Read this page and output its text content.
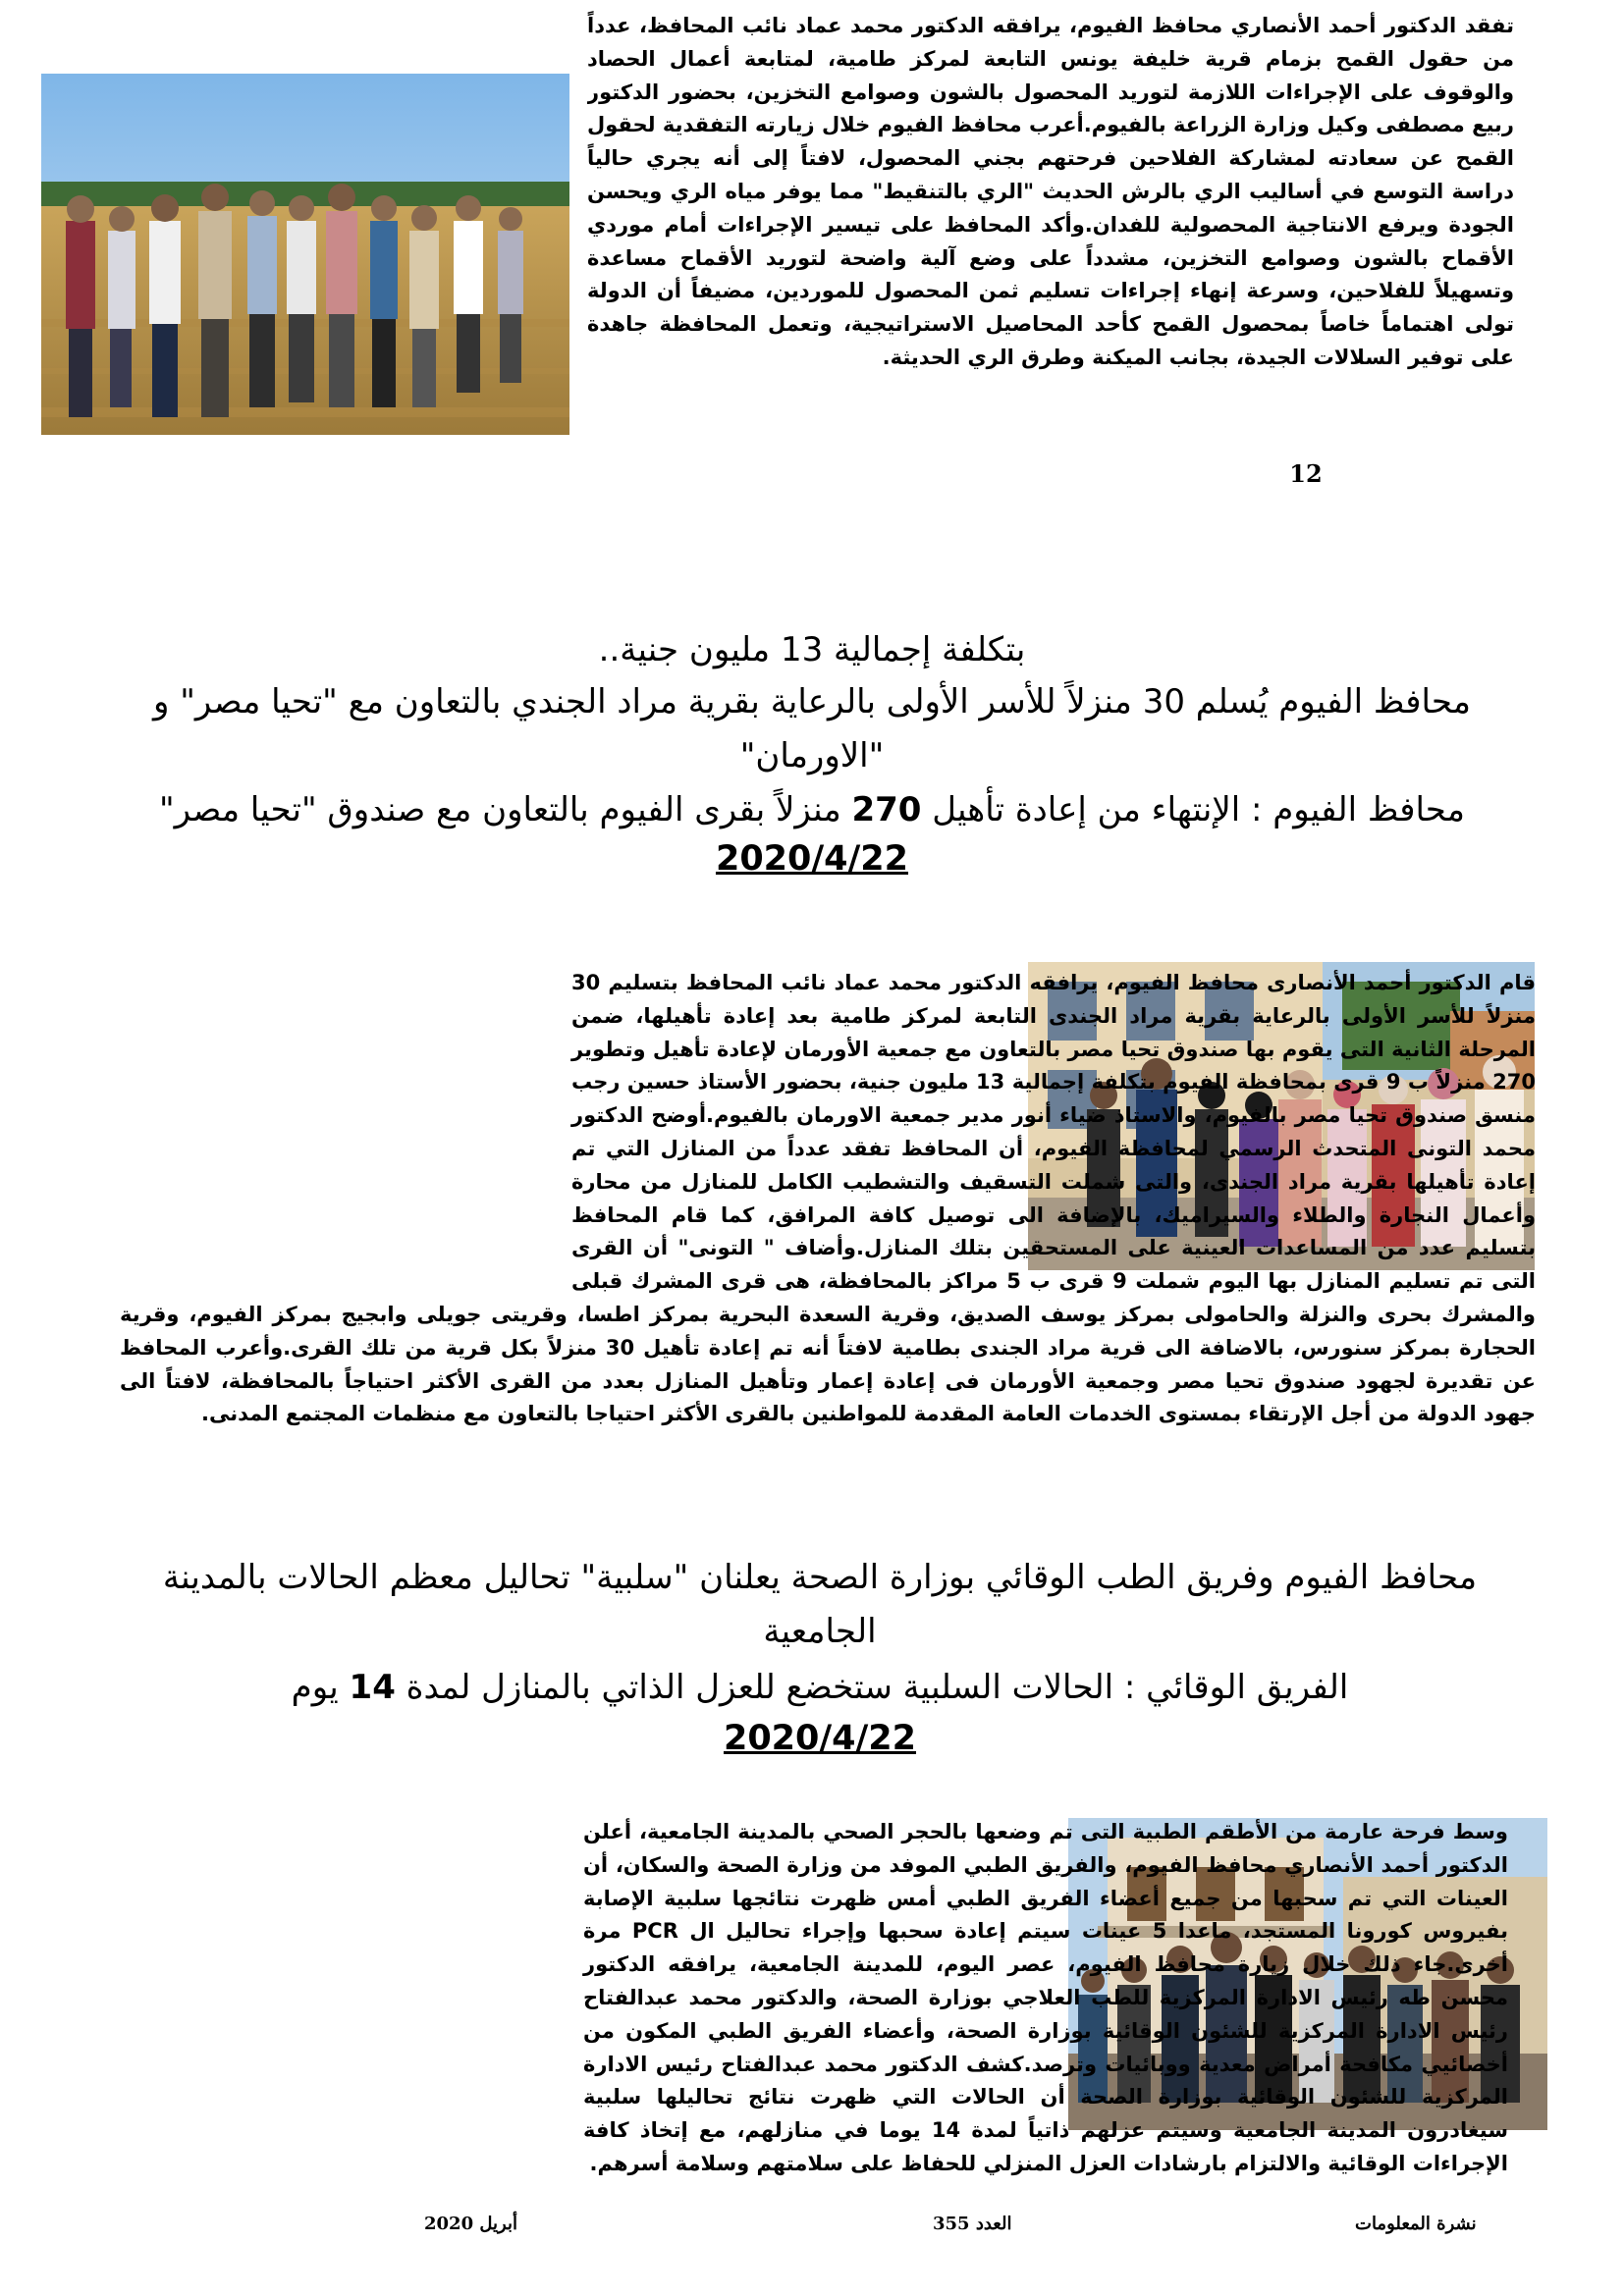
تفقد الدكتور أحمد الأنصاري محافظ الفيوم، يرافقه الدكتور محمد عماد نائب المحافظ، عدداً من حقول القمح بزمام قرية خليفة يونس التابعة لمركز طامية، لمتابعة أعمال الحصاد والوقوف على الإجراءات اللازمة لتوريد المحصول بالشون وصوامع التخزين، بحضور الدكتور ربيع مصطفى وكيل وزارة الزراعة بالفيوم.أعرب محافظ الفيوم خلال زيارته التفقدية لحقول القمح عن سعادته لمشاركة الفلاحين فرحتهم بجني المحصول، لافتاً إلى أنه يجري حالياً دراسة التوسع في أساليب الري بالرش الحديث "الري بالتنقيط" مما يوفر مياه الري ويحسن الجودة ويرفع الانتاجية المحصولية للفدان.وأكد المحافظ على تيسير الإجراءات أمام موردي الأقماح بالشون وصوامع التخزين، مشدداً على وضع آلية واضحة لتوريد الأقماح مساعدة وتسهيلاً للفلاحين، وسرعة إنهاء إجراءات تسليم ثمن المحصول للموردين، مضيفاً أن الدولة تولى اهتماماً خاصاً بمحصول القمح كأحد المحاصيل الاستراتيجية، وتعمل المحافظة جاهدة على توفير السلالات الجيدة، بجانب الميكنة وطرق الري الحديثة.

12

بتكلفة إجمالية 13 مليون جنية..

محافظ الفيوم يُسلم 30 منزلاً للأسر الأولى بالرعاية بقرية مراد الجندي بالتعاون مع "تحيا مصر" و "الاورمان"

محافظ الفيوم : الإنتهاء من إعادة تأهيل 270 منزلاً بقرى الفيوم بالتعاون مع صندوق "تحيا مصر"

2020/4/22

قام الدكتور أحمد الأنصارى محافظ الفيوم، يرافقه الدكتور محمد عماد نائب المحافظ بتسليم 30 منزلاً للأسر الأولى بالرعاية بقرية مراد الجندى التابعة لمركز طامية بعد إعادة تأهيلها، ضمن المرحلة الثانية التى يقوم بها صندوق تحيا مصر بالتعاون مع جمعية الأورمان لإعادة تأهيل وتطوير 270 منزلاً ب 9 قرى بمحافظة الفيوم بتكلفة إجمالية 13 مليون جنية، بحضور الأستاذ حسين رجب منسق صندوق تحيا مصر بالفيوم، والاستاذ ضياء أنور مدير جمعية الاورمان بالفيوم.أوضح الدكتور محمد التونى المتحدث الرسمي لمحافظة الفيوم، أن المحافظ تفقد عدداً من المنازل التي تم إعادة تأهيلها بقرية مراد الجندى، والتى شملت التسقيف والتشطيب الكامل للمنازل من محارة وأعمال النجارة والطلاء والسيراميك، بالإضافة الى توصيل كافة المرافق، كما قام المحافظ بتسليم عدد من المساعدات العينية على المستحقين بتلك المنازل.وأضاف " التونى" أن القرى التى تم تسليم المنازل بها اليوم شملت 9 قرى ب 5 مراكز بالمحافظة، هى قرى المشرك قبلى والمشرك بحرى والنزلة والحامولى بمركز يوسف الصديق، وقرية السعدة البحرية بمركز اطسا، وقريتى جويلى وابجيج بمركز الفيوم، وقرية الحجارة بمركز سنورس، بالاضافة الى قرية مراد الجندى بطامية لافتاً أنه تم إعادة تأهيل 30 منزلاً بكل قرية من تلك القرى.وأعرب المحافظ عن تقديرة لجهود صندوق تحيا مصر وجمعية الأورمان فى إعادة إعمار وتأهيل المنازل بعدد من القرى الأكثر احتياجاً بالمحافظة، لافتاً الى جهود الدولة من أجل الإرتقاء بمستوى الخدمات العامة المقدمة للمواطنين بالقرى الأكثر احتياجا بالتعاون مع منظمات المجتمع المدنى.

محافظ الفيوم وفريق الطب الوقائي بوزارة الصحة يعلنان "سلبية" تحاليل معظم الحالات بالمدينة الجامعية

الفريق الوقائي : الحالات السلبية ستخضع للعزل الذاتي بالمنازل لمدة 14 يوم

2020/4/22

وسط فرحة عارمة من الأطقم الطبية التى تم وضعها بالحجر الصحي بالمدينة الجامعية، أعلن الدكتور أحمد الأنصاري محافظ الفيوم، والفريق الطبي الموفد من وزارة الصحة والسكان، أن العينات التي تم سحبها من جميع أعضاء الفريق الطبي أمس ظهرت نتائجها سلبية الإصابة بفيروس كورونا المستجد، ماعدا 5 عينات سيتم إعادة سحبها وإجراء تحاليل ال PCR مرة أخرى.جاء ذلك خلال زيارة محافظ الفيوم، عصر اليوم، للمدينة الجامعية، يرافقه الدكتور محسن طه رئيس الادارة المركزية للطب العلاجي بوزارة الصحة، والدكتور محمد عبدالفتاح رئيس الادارة المركزية للشئون الوقائية بوزارة الصحة، وأعضاء الفريق الطبي المكون من أخصائيي مكافحة أمراض معدية ووبائيات وترصد.كشف الدكتور محمد عبدالفتاح رئيس الادارة المركزية للشئون الوقائية بوزارة الصحة أن الحالات التي ظهرت نتائج تحاليلها سلبية سيغادرون المدينة الجامعية وسيتم عزلهم ذاتياً لمدة 14 يوما في منازلهم، مع إتخاذ كافة الإجراءات الوقائية والالتزام بارشادات العزل المنزلي للحفاظ على سلامتهم وسلامة أسرهم.

نشرة المعلومات
العدد 355
أبريل 2020
